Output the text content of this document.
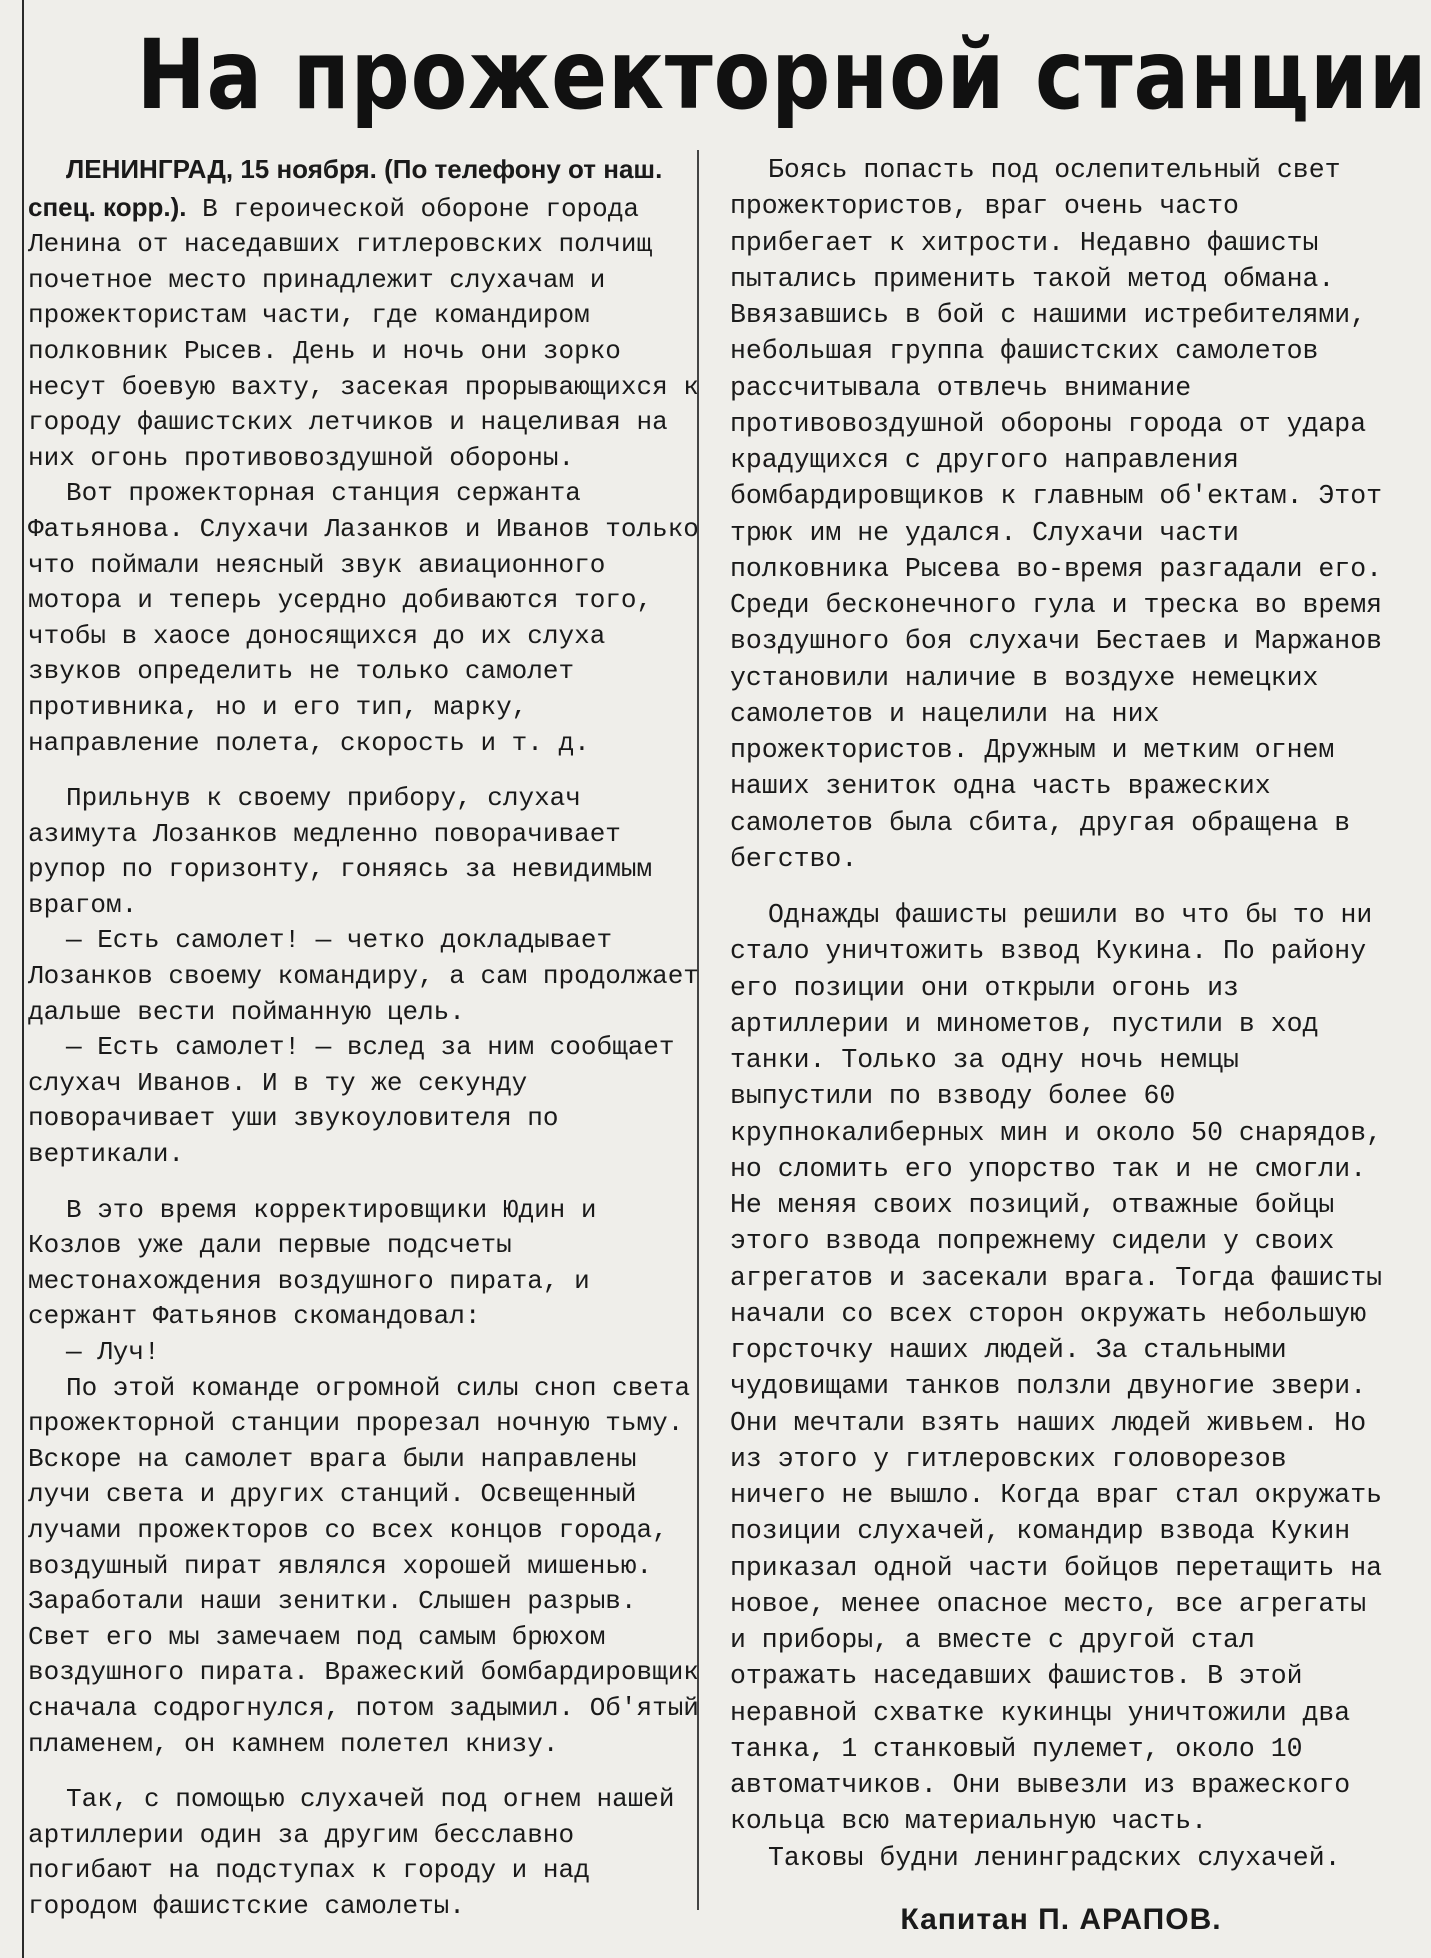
На прожекторной станции

ЛЕНИНГРАД, 15 ноября. (По телефону от наш. спец. корр.). В героической обороне города Ленина от наседавших гитлеровских полчищ почетное место принадлежит слухачам и прожектористам части, где командиром полковник Рысев. День и ночь они зорко несут боевую вахту, засекая прорывающихся к городу фашистских летчиков и нацеливая на них огонь противовоздушной обороны.

Вот прожекторная станция сержанта Фатьянова. Слухачи Лазанков и Иванов только что поймали неясный звук авиационного мотора и теперь усердно добиваются того, чтобы в хаосе доносящихся до их слуха звуков определить не только самолет противника, но и его тип, марку, направление полета, скорость и т. д.

Прильнув к своему прибору, слухач азимута Лозанков медленно поворачивает рупор по горизонту, гоняясь за невидимым врагом.

— Есть самолет! — четко докладывает Лозанков своему командиру, а сам продолжает дальше вести пойманную цель.

— Есть самолет! — вслед за ним сообщает слухач Иванов. И в ту же секунду поворачивает уши звукоуловителя по вертикали.

В это время корректировщики Юдин и Козлов уже дали первые подсчеты местонахождения воздушного пирата, и сержант Фатьянов скомандовал:

— Луч!

По этой команде огромной силы сноп света прожекторной станции прорезал ночную тьму. Вскоре на самолет врага были направлены лучи света и других станций. Освещенный лучами прожекторов со всех концов города, воздушный пират являлся хорошей мишенью. Заработали наши зенитки. Слышен разрыв. Свет его мы замечаем под самым брюхом воздушного пирата. Вражеский бомбардировщик сначала содрогнулся, потом задымил. Об'ятый пламенем, он камнем полетел книзу.

Так, с помощью слухачей под огнем нашей артиллерии один за другим бесславно погибают на подступах к городу и над городом фашистские самолеты.

Боясь попасть под ослепительный свет прожектористов, враг очень часто прибегает к хитрости. Недавно фашисты пытались применить такой метод обмана. Ввязавшись в бой с нашими истребителями, небольшая группа фашистских самолетов рассчитывала отвлечь внимание противовоздушной обороны города от удара крадущихся с другого направления бомбардировщиков к главным об'ектам. Этот трюк им не удался. Слухачи части полковника Рысева во-время разгадали его. Среди бесконечного гула и треска во время воздушного боя слухачи Бестаев и Маржанов установили наличие в воздухе немецких самолетов и нацелили на них прожектористов. Дружным и метким огнем наших зениток одна часть вражеских самолетов была сбита, другая обращена в бегство.

Однажды фашисты решили во что бы то ни стало уничтожить взвод Кукина. По району его позиции они открыли огонь из артиллерии и минометов, пустили в ход танки. Только за одну ночь немцы выпустили по взводу более 60 крупнокалиберных мин и около 50 снарядов, но сломить его упорство так и не смогли. Не меняя своих позиций, отважные бойцы этого взвода попрежнему сидели у своих агрегатов и засекали врага. Тогда фашисты начали со всех сторон окружать небольшую горсточку наших людей. За стальными чудовищами танков ползли двуногие звери. Они мечтали взять наших людей живьем. Но из этого у гитлеровских головорезов ничего не вышло. Когда враг стал окружать позиции слухачей, командир взвода Кукин приказал одной части бойцов перетащить на новое, менее опасное место, все агрегаты и приборы, а вместе с другой стал отражать наседавших фашистов. В этой неравной схватке кукинцы уничтожили два танка, 1 станковый пулемет, около 10 автоматчиков. Они вывезли из вражеского кольца всю материальную часть.

Таковы будни ленинградских слухачей.

Капитан П. АРАПОВ.
